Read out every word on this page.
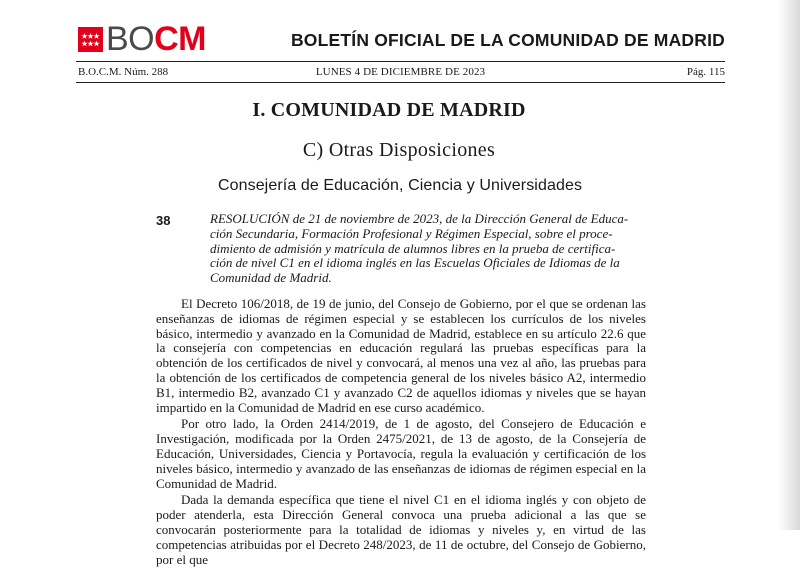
BOCM	BOLETÍN OFICIAL DE LA COMUNIDAD DE MADRID
B.O.C.M. Núm. 288	LUNES 4 DE DICIEMBRE DE 2023	Pág. 115
I. COMUNIDAD DE MADRID
C) Otras Disposiciones
Consejería de Educación, Ciencia y Universidades
38	RESOLUCIÓN de 21 de noviembre de 2023, de la Dirección General de Educa-
ción Secundaria, Formación Profesional y Régimen Especial, sobre el proce-
dimiento de admisión y matrícula de alumnos libres en la prueba de certifica-
ción de nivel C1 en el idioma inglés en las Escuelas Oficiales de Idiomas de la
Comunidad de Madrid.

El Decreto 106/2018, de 19 de junio, del Consejo de Gobierno, por el que se ordenan las enseñanzas de idiomas de régimen especial y se establecen los currículos de los niveles básico, intermedio y avanzado en la Comunidad de Madrid, establece en su artículo 22.6 que la consejería con competencias en educación regulará las pruebas específicas para la obtención de los certificados de nivel y convocará, al menos una vez al año, las pruebas para la obtención de los certificados de competencia general de los niveles básico A2, intermedio B1, intermedio B2, avanzado C1 y avanzado C2 de aquellos idiomas y niveles que se hayan impartido en la Comunidad de Madrid en ese curso académico.

Por otro lado, la Orden 2414/2019, de 1 de agosto, del Consejero de Educación e Investigación, modificada por la Orden 2475/2021, de 13 de agosto, de la Consejería de Educación, Universidades, Ciencia y Portavocía, regula la evaluación y certificación de los niveles básico, intermedio y avanzado de las enseñanzas de idiomas de régimen especial en la Comunidad de Madrid.

Dada la demanda específica que tiene el nivel C1 en el idioma inglés y con objeto de poder atenderla, esta Dirección General convoca una prueba adicional a las que se convocarán posteriormente para la totalidad de idiomas y niveles y, en virtud de las competencias atribuidas por el Decreto 248/2023, de 11 de octubre, del Consejo de Gobierno, por el que
